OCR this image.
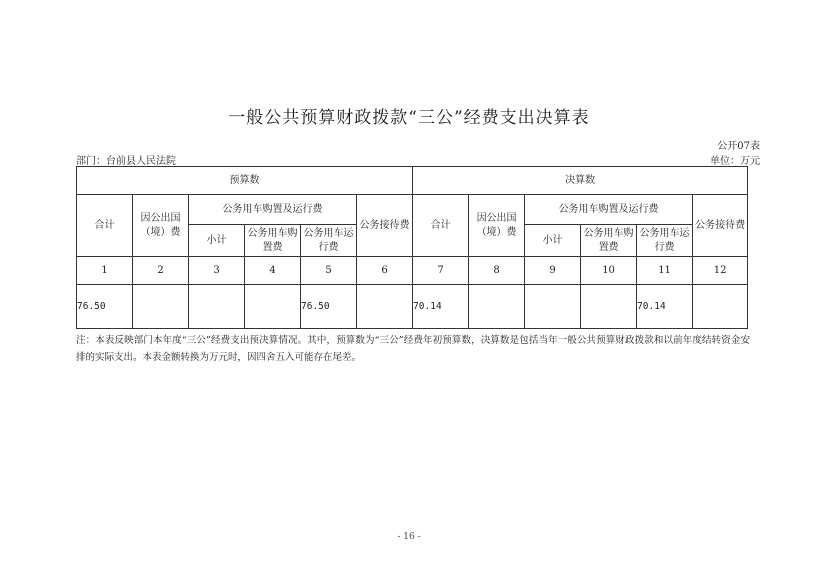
一般公共预算财政拨款“三公”经费支出决算表
公开07表
部门：台前县人民法院	单位：万元
预算数						决算数					
合计	因公出国（境）费	公务用车购置及运行费			公务接待费	合计	因公出国（境）费	公务用车购置及运行费			公务接待费
		小计	公务用车购置费	公务用车运行费				小计	公务用车购置费	公务用车运行费	
1	2	3	4	5	6	7	8	9	10	11	12
76.50				76.50		70.14				70.14	
注：本表反映部门本年度“三公”经费支出预决算情况。其中，预算数为“三公”经费年初预算数，决算数是包括当年一般公共预算财政拨款和以前年度结转资金安排的实际支出。本表金额转换为万元时，因四舍五入可能存在尾差。
- 16 -
